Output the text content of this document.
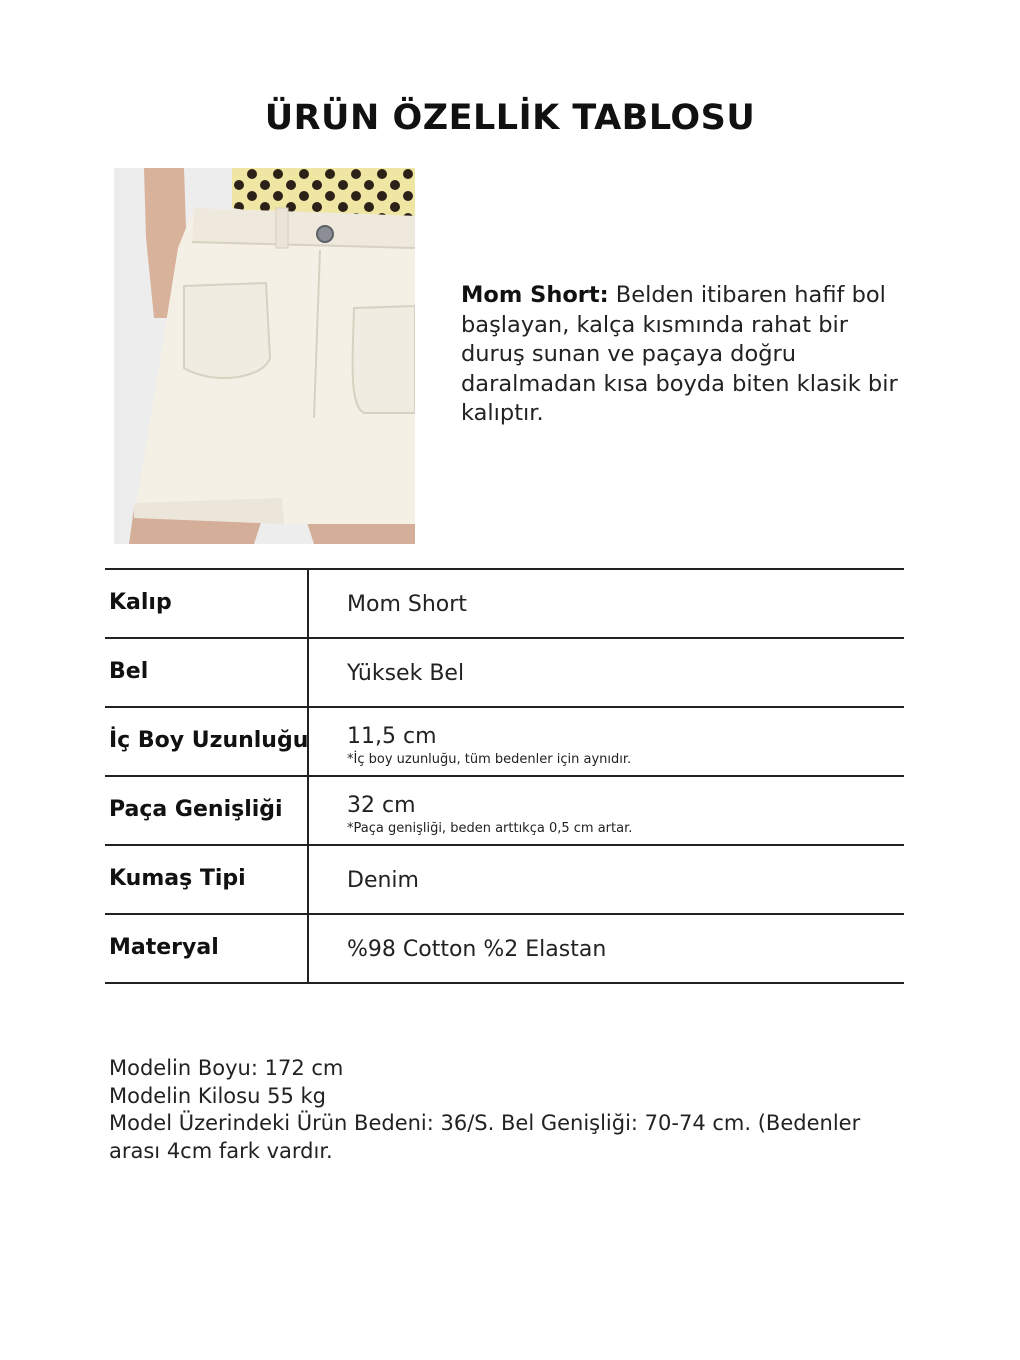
ÜRÜN ÖZELLİK TABLOSU
Mom Short: Belden itibaren hafif bol başlayan, kalça kısmında rahat bir duruş sunan ve paçaya doğru daralmadan kısa boyda biten klasik bir kalıptır.
Kalıp	Mom Short
Bel	Yüksek Bel
İç Boy Uzunluğu 11,5 cm
*İç boy uzunluğu, tüm bedenler için aynıdır.
Paça Genişliği	32 cm
*Paça genişliği, beden arttıkça 0,5 cm artar.
Kumaş Tipi	Denim
Materyal	%98 Cotton %2 Elastan
Modelin Boyu: 172 cm
Modelin Kilosu 55 kg
Model Üzerindeki Ürün Bedeni: 36/S. Bel Genişliği: 70-74 cm. (Bedenler arası 4cm fark vardır.
